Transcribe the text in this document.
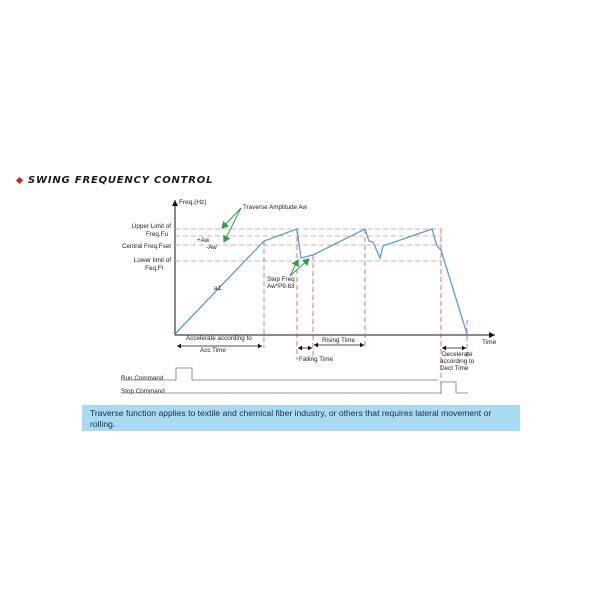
SWING FREQUENCY CONTROL
Freq.(Hz)
Time
Upper Limit of
Freq.Fu
Central Freq.Fset
Lower limit of
Feq.Fl
Traverse Amplitude Aw
+Aw
-Aw
Step Freq
Aw*P9.63
a1
Accelerate according to
Acc Time
Falling Time
Rising Time
Decelerate
according to
Dect Time
Run Command
Stop Command
Traverse function applies to textile and chemical fiber industry, or others that requires lateral movement or rolling.
